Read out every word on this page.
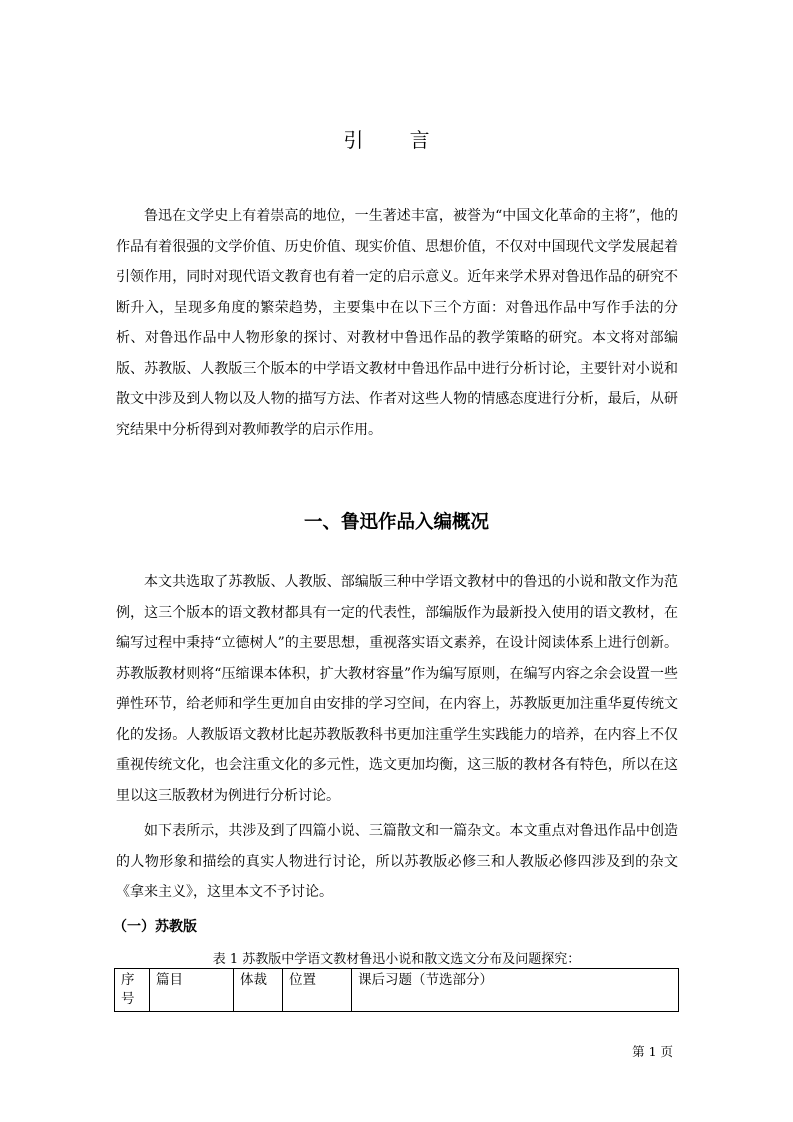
引 言

鲁迅在文学史上有着崇高的地位，一生著述丰富，被誉为“中国文化革命的主将”，他的作品有着很强的文学价值、历史价值、现实价值、思想价值，不仅对中国现代文学发展起着引领作用，同时对现代语文教育也有着一定的启示意义。近年来学术界对鲁迅作品的研究不断升入，呈现多角度的繁荣趋势，主要集中在以下三个方面：对鲁迅作品中写作手法的分析、对鲁迅作品中人物形象的探讨、对教材中鲁迅作品的教学策略的研究。本文将对部编版、苏教版、人教版三个版本的中学语文教材中鲁迅作品中进行分析讨论，主要针对小说和散文中涉及到人物以及人物的描写方法、作者对这些人物的情感态度进行分析，最后，从研究结果中分析得到对教师教学的启示作用。

一、鲁迅作品入编概况

本文共选取了苏教版、人教版、部编版三种中学语文教材中的鲁迅的小说和散文作为范例，这三个版本的语文教材都具有一定的代表性，部编版作为最新投入使用的语文教材，在编写过程中秉持“立德树人”的主要思想，重视落实语文素养，在设计阅读体系上进行创新。苏教版教材则将“压缩课本体积，扩大教材容量”作为编写原则，在编写内容之余会设置一些弹性环节，给老师和学生更加自由安排的学习空间，在内容上，苏教版更加注重华夏传统文化的发扬。人教版语文教材比起苏教版教科书更加注重学生实践能力的培养，在内容上不仅重视传统文化，也会注重文化的多元性，选文更加均衡，这三版的教材各有特色，所以在这里以这三版教材为例进行分析讨论。

如下表所示，共涉及到了四篇小说、三篇散文和一篇杂文。本文重点对鲁迅作品中创造的人物形象和描绘的真实人物进行讨论，所以苏教版必修三和人教版必修四涉及到的杂文《拿来主义》，这里本文不予讨论。

（一）苏教版
表 1 苏教版中学语文教材鲁迅小说和散文选文分布及问题探究：
序号	篇目	体裁	位置	课后习题（节选部分）
第 1 页
